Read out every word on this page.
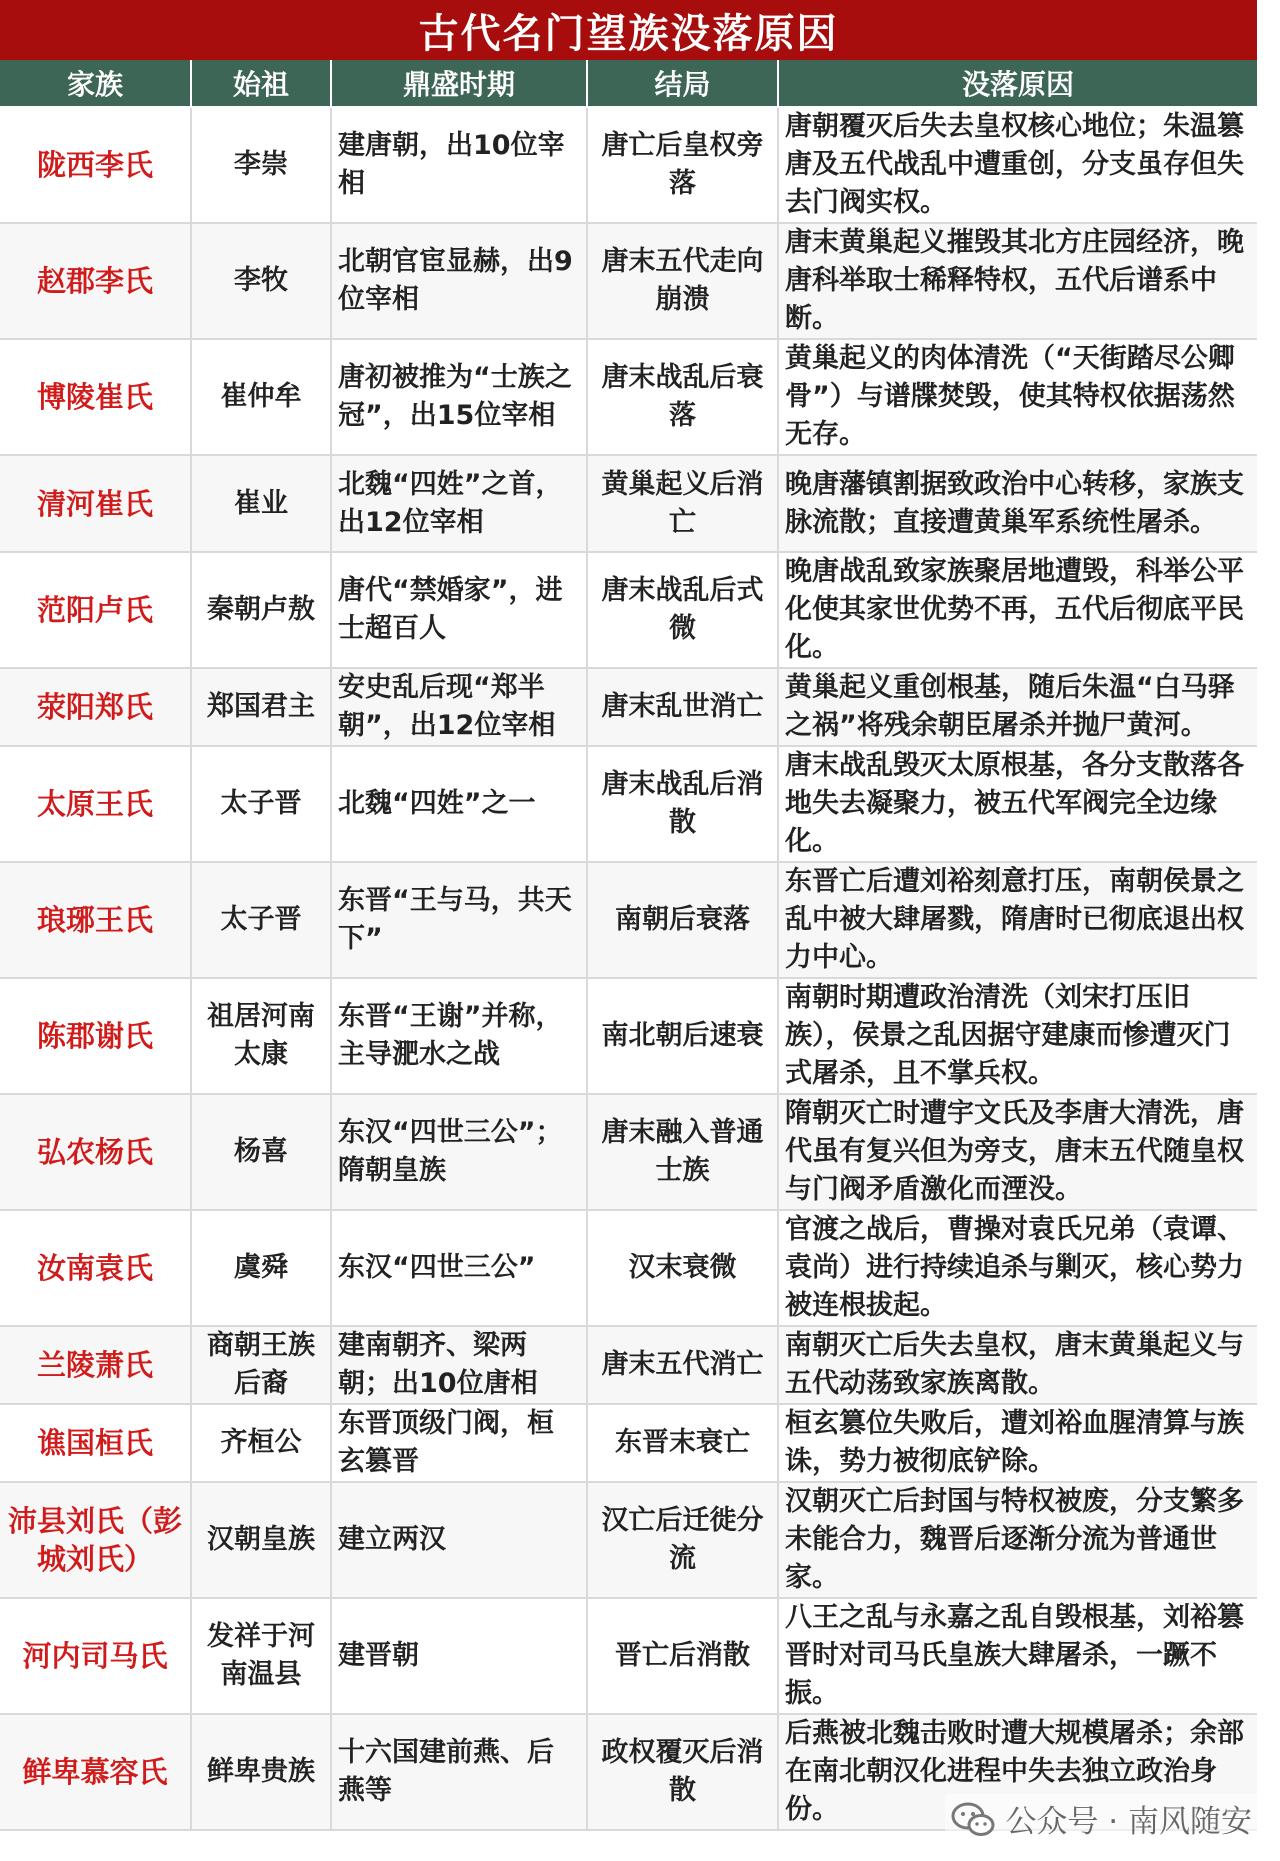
古代名门望族没落原因
家族	始祖	鼎盛时期	结局	没落原因
陇西李氏	李崇	建唐朝，出10位宰相	唐亡后皇权旁落	唐朝覆灭后失去皇权核心地位；朱温篡唐及五代战乱中遭重创，分支虽存但失去门阀实权。
赵郡李氏	李牧	北朝官宦显赫，出9位宰相	唐末五代走向崩溃	唐末黄巢起义摧毁其北方庄园经济，晚唐科举取士稀释特权，五代后谱系中断。
博陵崔氏	崔仲牟	唐初被推为“士族之冠”，出15位宰相	唐末战乱后衰落	黄巢起义的肉体清洗（“天街踏尽公卿骨”）与谱牒焚毁，使其特权依据荡然无存。
清河崔氏	崔业	北魏“四姓”之首，出12位宰相	黄巢起义后消亡	晚唐藩镇割据致政治中心转移，家族支脉流散；直接遭黄巢军系统性屠杀。
范阳卢氏	秦朝卢敖	唐代“禁婚家”，进士超百人	唐末战乱后式微	晚唐战乱致家族聚居地遭毁，科举公平化使其家世优势不再，五代后彻底平民化。
荥阳郑氏	郑国君主	安史乱后现“郑半朝”，出12位宰相	唐末乱世消亡	黄巢起义重创根基，随后朱温“白马驿之祸”将残余朝臣屠杀并抛尸黄河。
太原王氏	太子晋	北魏“四姓”之一	唐末战乱后消散	唐末战乱毁灭太原根基，各分支散落各地失去凝聚力，被五代军阀完全边缘化。
琅琊王氏	太子晋	东晋“王与马，共天下”	南朝后衰落	东晋亡后遭刘裕刻意打压，南朝侯景之乱中被大肆屠戮，隋唐时已彻底退出权力中心。
陈郡谢氏	祖居河南太康	东晋“王谢”并称，主导淝水之战	南北朝后速衰	南朝时期遭政治清洗（刘宋打压旧族），侯景之乱因据守建康而惨遭灭门式屠杀，且不掌兵权。
弘农杨氏	杨喜	东汉“四世三公”；隋朝皇族	唐末融入普通士族	隋朝灭亡时遭宇文氏及李唐大清洗，唐代虽有复兴但为旁支，唐末五代随皇权与门阀矛盾激化而湮没。
汝南袁氏	虞舜	东汉“四世三公”	汉末衰微	官渡之战后，曹操对袁氏兄弟（袁谭、袁尚）进行持续追杀与剿灭，核心势力被连根拔起。
兰陵萧氏	商朝王族后裔	建南朝齐、梁两朝；出10位唐相	唐末五代消亡	南朝灭亡后失去皇权，唐末黄巢起义与五代动荡致家族离散。
谯国桓氏	齐桓公	东晋顶级门阀，桓玄篡晋	东晋末衰亡	桓玄篡位失败后，遭刘裕血腥清算与族诛，势力被彻底铲除。
沛县刘氏（彭城刘氏）	汉朝皇族	建立两汉	汉亡后迁徙分流	汉朝灭亡后封国与特权被废，分支繁多未能合力，魏晋后逐渐分流为普通世家。
河内司马氏	发祥于河南温县	建晋朝	晋亡后消散	八王之乱与永嘉之乱自毁根基，刘裕篡晋时对司马氏皇族大肆屠杀，一蹶不振。
鲜卑慕容氏	鲜卑贵族	十六国建前燕、后燕等	政权覆灭后消散	后燕被北魏击败时遭大规模屠杀；余部在南北朝汉化进程中失去独立政治身份。	公众号 · 南风随安
